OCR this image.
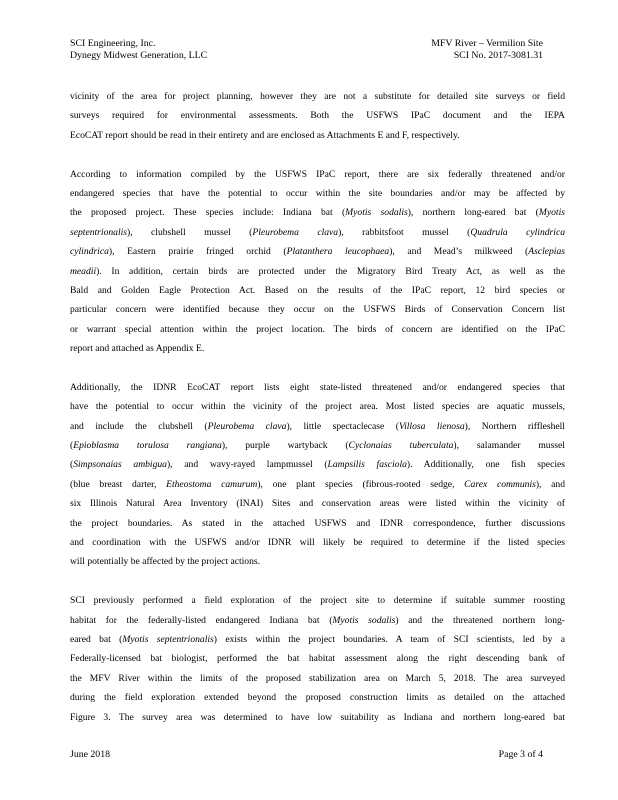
SCI Engineering, Inc.
Dynegy Midwest Generation, LLC
MFV River – Vermilion Site
SCI No. 2017-3081.31
vicinity of the area for project planning, however they are not a substitute for detailed site surveys or field
surveys required for environmental assessments. Both the USFWS IPaC document and the IEPA
EcoCAT report should be read in their entirety and are enclosed as Attachments E and F, respectively.
According to information compiled by the USFWS IPaC report, there are six federally threatened and/or
endangered species that have the potential to occur within the site boundaries and/or may be affected by
the proposed project. These species include: Indiana bat (Myotis sodalis), northern long-eared bat (Myotis
septentrionalis), clubshell mussel (Pleurobema clava), rabbitsfoot mussel (Quadrula cylindrica
cylindrica), Eastern prairie fringed orchid (Platanthera leucophaea), and Mead’s milkweed (Asclepias
meadii). In addition, certain birds are protected under the Migratory Bird Treaty Act, as well as the
Bald and Golden Eagle Protection Act. Based on the results of the IPaC report, 12 bird species or
particular concern were identified because they occur on the USFWS Birds of Conservation Concern list
or warrant special attention within the project location. The birds of concern are identified on the IPaC
report and attached as Appendix E.
Additionally, the IDNR EcoCAT report lists eight state-listed threatened and/or endangered species that
have the potential to occur within the vicinity of the project area. Most listed species are aquatic mussels,
and include the clubshell (Pleurobema clava), little spectaclecase (Villosa lienosa), Northern riffleshell
(Epioblasma torulosa rangiana), purple wartyback (Cyclonaias tuberculata), salamander mussel
(Simpsonaias ambigua), and wavy-rayed lampmussel (Lampsilis fasciola). Additionally, one fish species
(blue breast darter, Etheostoma camurum), one plant species (fibrous-rooted sedge, Carex communis), and
six Illinois Natural Area Inventory (INAI) Sites and conservation areas were listed within the vicinity of
the project boundaries. As stated in the attached USFWS and IDNR correspondence, further discussions
and coordination with the USFWS and/or IDNR will likely be required to determine if the listed species
will potentially be affected by the project actions.
SCI previously performed a field exploration of the project site to determine if suitable summer roosting
habitat for the federally-listed endangered Indiana bat (Myotis sodalis) and the threatened northern long-
eared bat (Myotis septentrionalis) exists within the project boundaries. A team of SCI scientists, led by a
Federally-licensed bat biologist, performed the bat habitat assessment along the right descending bank of
the MFV River within the limits of the proposed stabilization area on March 5, 2018. The area surveyed
during the field exploration extended beyond the proposed construction limits as detailed on the attached
Figure 3. The survey area was determined to have low suitability as Indiana and northern long-eared bat
June 2018	Page 3 of 4
